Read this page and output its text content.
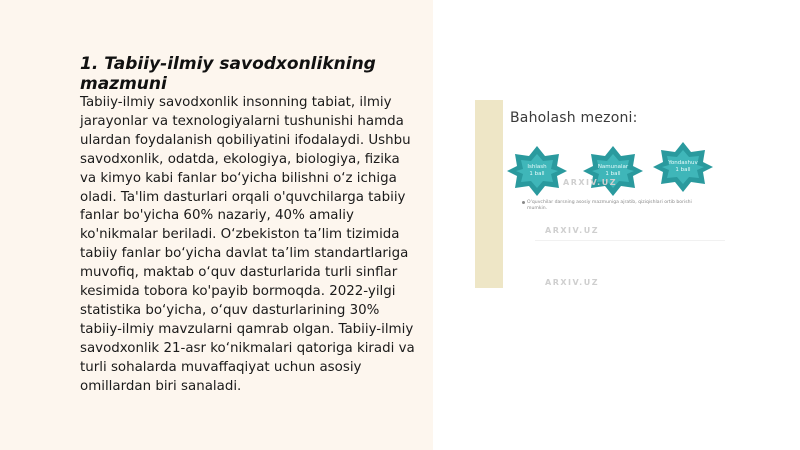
1. Tabiiy-ilmiy savodxonlikning mazmuni

Tabiiy-ilmiy savodxonlik insonning tabiat, ilmiy jarayonlar va texnologiyalarni tushunishi hamda ulardan foydalanish qobiliyatini ifodalaydi. Ushbu savodxonlik, odatda, ekologiya, biologiya, fizika va kimyo kabi fanlar bo‘yicha bilishni o‘z ichiga oladi. Ta'lim dasturlari orqali o'quvchilarga tabiiy fanlar bo'yicha 60% nazariy, 40% amaliy ko'nikmalar beriladi. O‘zbekiston ta’lim tizimida tabiiy fanlar bo‘yicha davlat ta’lim standartlariga muvofiq, maktab o‘quv dasturlarida turli sinflar kesimida tobora ko'payib bormoqda. 2022-yilgi statistika bo‘yicha, o‘quv dasturlarining 30% tabiiy-ilmiy mavzularni qamrab olgan. Tabiiy-ilmiy savodxonlik 21-asr ko‘nikmalari qatoriga kiradi va turli sohalarda muvaffaqiyat uchun asosiy omillardan biri sanaladi.

Baholash mezoni:
Ishlash
1 ball
Namunalar
1 ball
Yondashuv
1 ball
ARXIV.UZ
O'quvchilar darsning asosiy mazmuniga ajratib, qiziqishlari ortib borishi mumkin.
ARXIV.UZ
ARXIV.UZ
